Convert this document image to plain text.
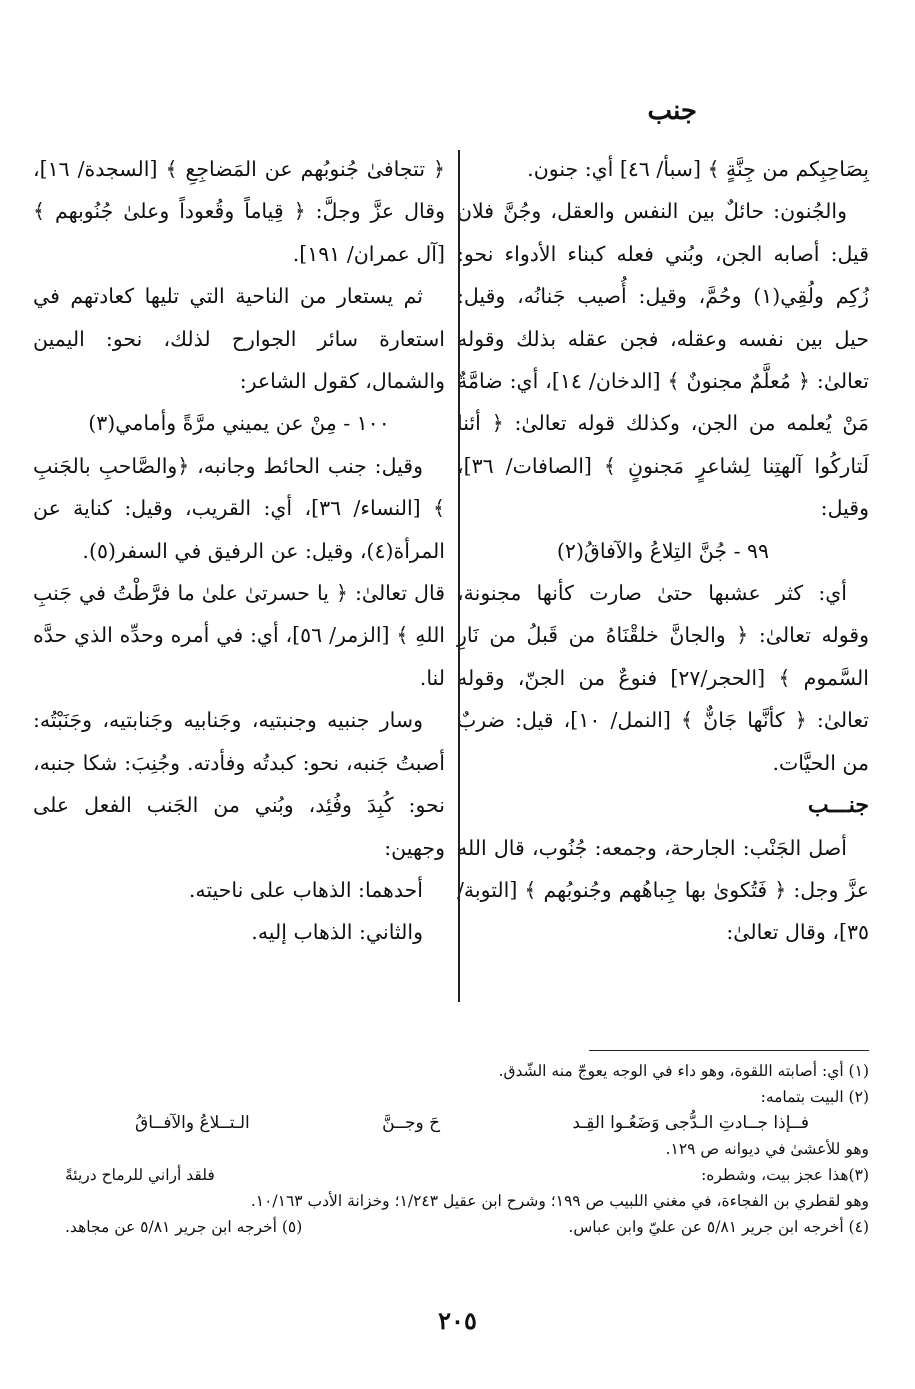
جنب

بِصَاحِبِكم من جِنَّةٍ ﴾ [سبأ/ ٤٦] أي: جنون.

والجُنون: حائلٌ بين النفس والعقل، وجُنَّ فلان قيل: أصابه الجن، وبُني فعله كبناء الأدواء نحو: زُكِم ولُقِي(١) وحُمَّ، وقيل: أُصيب جَنانُه، وقيل: حيل بين نفسه وعقله، فجن عقله بذلك وقوله تعالىٰ: ﴿ مُعلَّمٌ مجنونٌ ﴾ [الدخان/ ١٤]، أي: ضامَّةٌ مَنْ يُعلمه من الجن، وكذلك قوله تعالىٰ: ﴿ أئنا لَتاركُوا آلهتِنا لِشاعرٍ مَجنونٍ ﴾ [الصافات/ ٣٦]، وقيل:

٩٩ - جُنَّ التِلاعُ والآفاقُ(٢)

أي: كثر عشبها حتىٰ صارت كأنها مجنونة، وقوله تعالىٰ: ﴿ والجانَّ خلقْنَاهُ من قَبلُ من نَارِ السَّموم ﴾ [الحجر/٢٧] فنوعٌ من الجنّ، وقوله تعالىٰ: ﴿ كأنَّها جَانٌّ ﴾ [النمل/ ١٠]، قيل: ضربٌ من الحيَّات.

جنـــب

أصل الجَنْب: الجارحة، وجمعه: جُنُوب، قال الله عزَّ وجل: ﴿ فَتُكوىٰ بها جِباهُهم وجُنوبُهم ﴾ [التوبة/ ٣٥]، وقال تعالىٰ:

﴿ تتجافىٰ جُنوبُهم عن المَضاجِعِ ﴾ [السجدة/ ١٦]، وقال عزَّ وجلَّ: ﴿ قِياماً وقُعوداً وعلىٰ جُنُوبهم ﴾ [آل عمران/ ١٩١].

ثم يستعار من الناحية التي تليها كعادتهم في استعارة سائر الجوارح لذلك، نحو: اليمين والشمال، كقول الشاعر:

١٠٠ - مِنْ عن يميني مرَّةً وأمامي(٣)

وقيل: جنب الحائط وجانبه، ﴿والصَّاحبِ بالجَنبِ ﴾ [النساء/ ٣٦]، أي: القريب، وقيل: كناية عن المرأة(٤)، وقيل: عن الرفيق في السفر(٥).

قال تعالىٰ: ﴿ يا حسرتىٰ علىٰ ما فرَّطْتُ في جَنبِ اللهِ ﴾ [الزمر/ ٥٦]، أي: في أمره وحدِّه الذي حدَّه لنا.

وسار جنبيه وجنبتيه، وجَنابيه وجَنابتيه، وجَنَبْتُه: أصبتُ جَنبه، نحو: كبدتُه وفأدته. وجُنِبَ: شكا جنبه، نحو: كُبِدَ وفُئِد، وبُني من الجَنب الفعل على وجهين:

أحدهما: الذهاب على ناحيته.

والثاني: الذهاب إليه.

(١) أي: أصابته اللقوة، وهو داء في الوجه يعوجّ منه الشّدق.
(٢) البيت بتمامه:
فــإذا جــادتِ الـدُّجى وَضَعُـوا القِـد
حَ وجــنَّ
الـتــلاعُ والآفــاقُ
وهو للأعشىٰ في ديوانه ص ١٢٩.
(٣)هذا عجز بيت، وشطره:
فلقد أراني للرماح دريئةً
وهو لقطري بن الفجاءة، في مغني اللبيب ص ١٩٩؛ وشرح ابن عقيل ١/٢٤٣؛ وخزانة الأدب ١٠/١٦٣.
(٤) أخرجه ابن جرير ٥/٨١ عن عليّ وابن عباس.
(٥) أخرجه ابن جرير ٥/٨١ عن مجاهد.
٢٠٥
